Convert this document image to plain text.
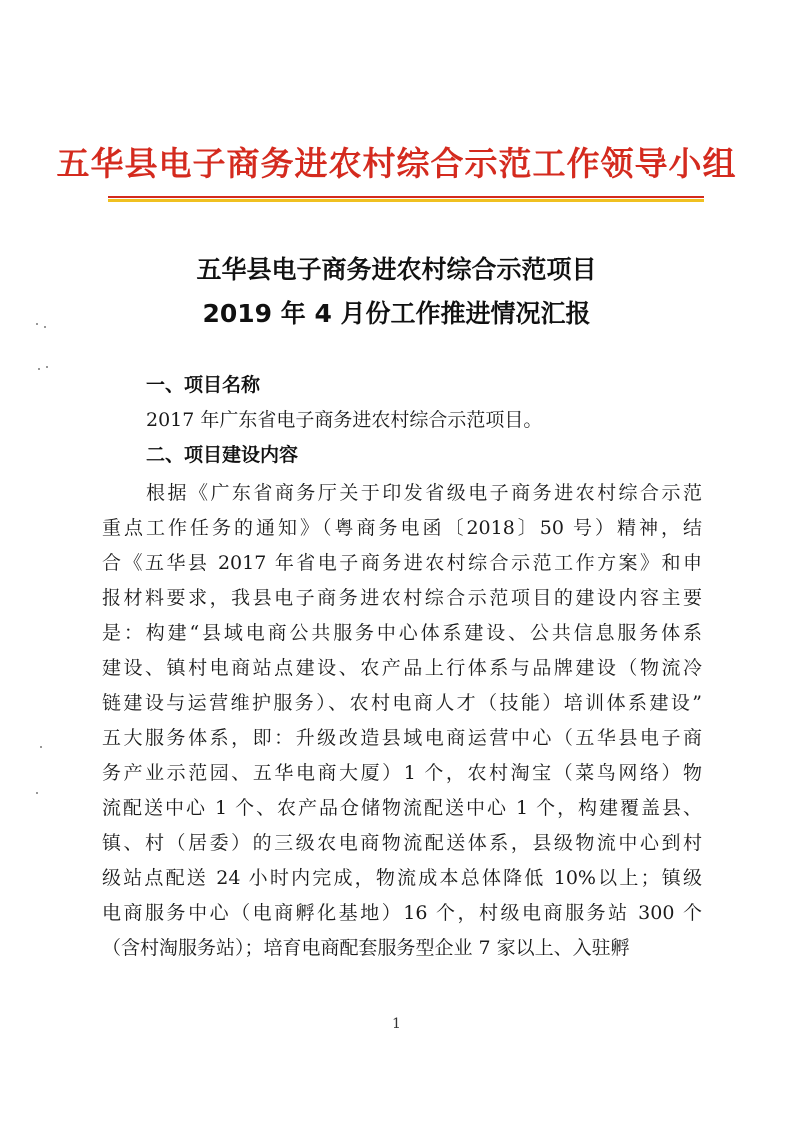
五华县电子商务进农村综合示范工作领导小组
五华县电子商务进农村综合示范项目
2019 年 4 月份工作推进情况汇报
一、项目名称
2017 年广东省电子商务进农村综合示范项目。
二、项目建设内容
根据《广东省商务厅关于印发省级电子商务进农村综合示范
重点工作任务的通知》（粤商务电函〔2018〕50 号）精神，结
合《五华县 2017 年省电子商务进农村综合示范工作方案》和申
报材料要求，我县电子商务进农村综合示范项目的建设内容主要
是：构建“县域电商公共服务中心体系建设、公共信息服务体系
建设、镇村电商站点建设、农产品上行体系与品牌建设（物流冷
链建设与运营维护服务）、农村电商人才（技能）培训体系建设”
五大服务体系，即：升级改造县域电商运营中心（五华县电子商
务产业示范园、五华电商大厦）1 个，农村淘宝（菜鸟网络）物
流配送中心 1 个、农产品仓储物流配送中心 1 个，构建覆盖县、
镇、村（居委）的三级农电商物流配送体系，县级物流中心到村
级站点配送 24 小时内完成，物流成本总体降低 10%以上；镇级
电商服务中心（电商孵化基地）16 个，村级电商服务站 300 个
（含村淘服务站）；培育电商配套服务型企业 7 家以上、入驻孵
1
